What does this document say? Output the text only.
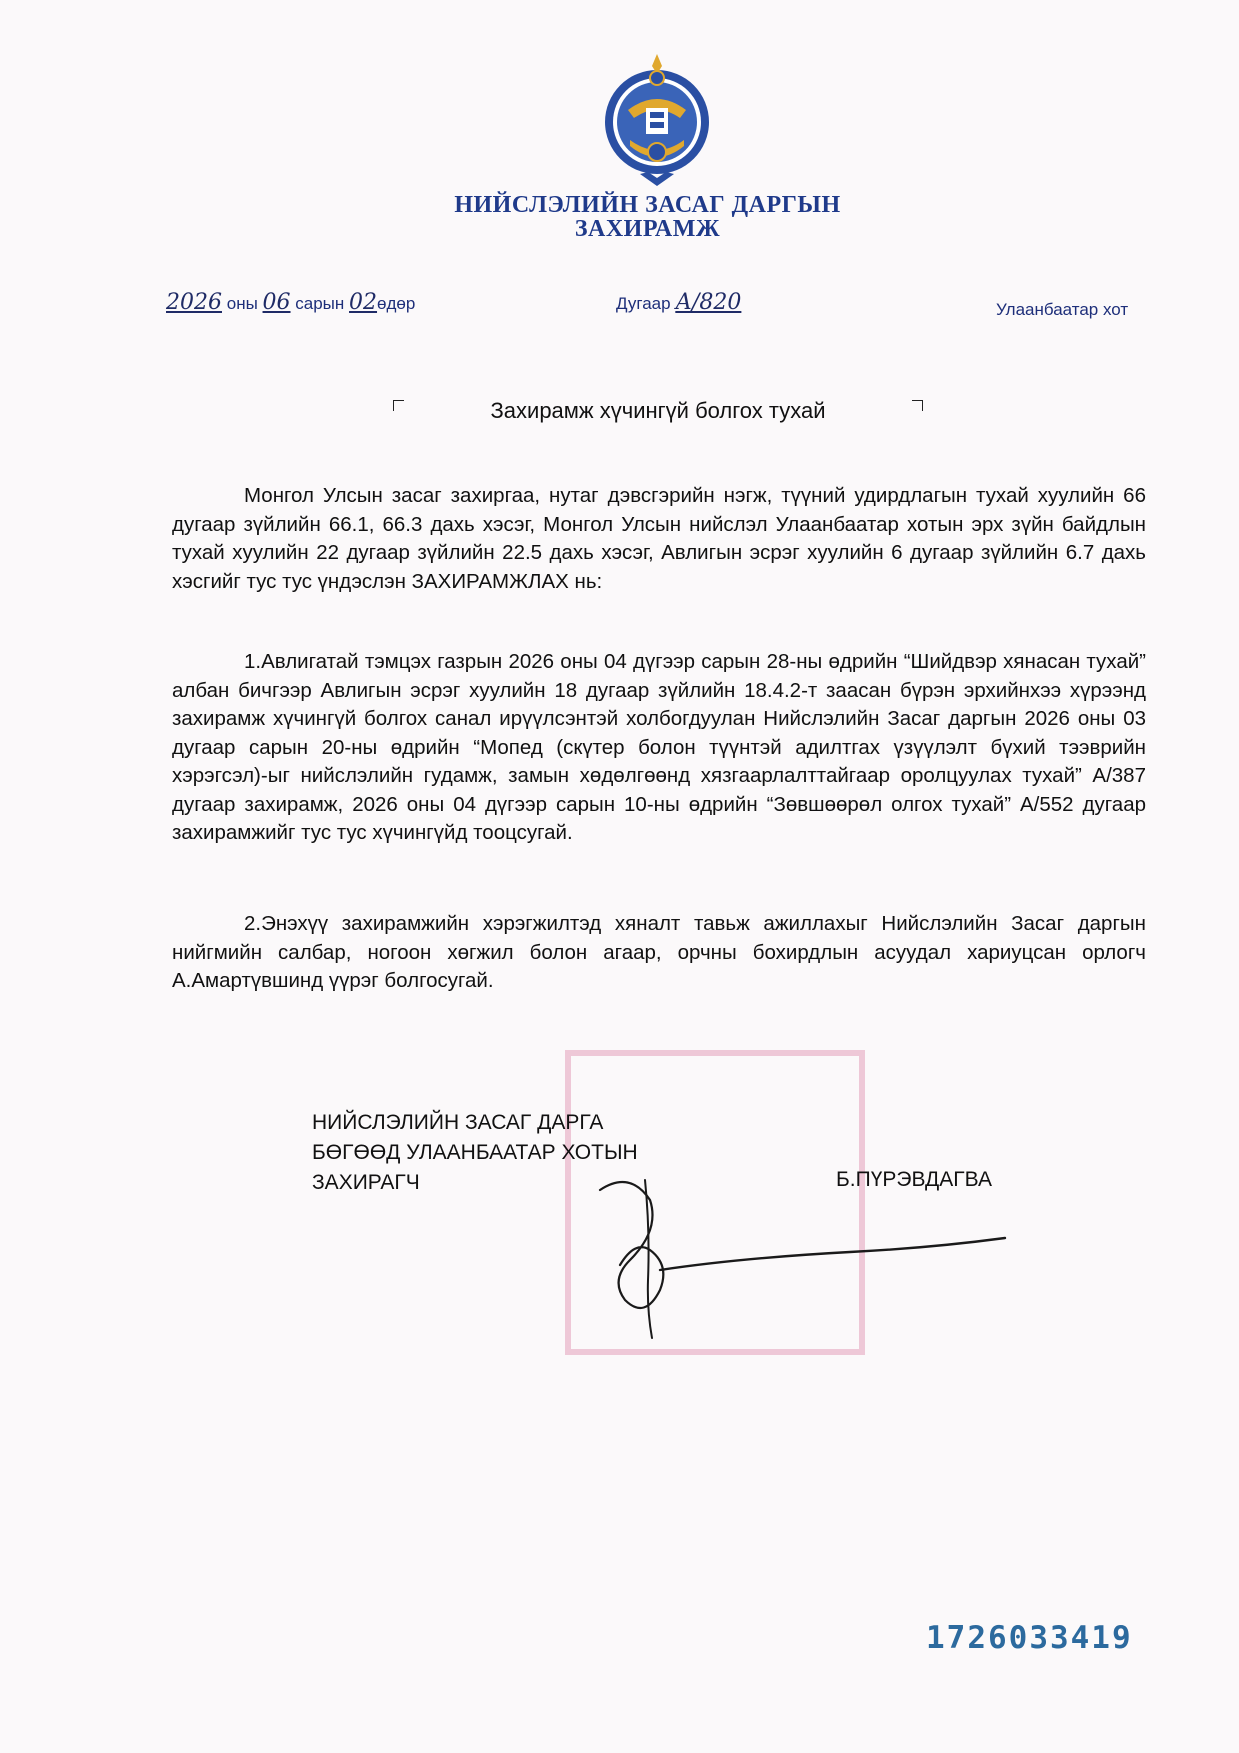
НИЙСЛЭЛИЙН ЗАСАГ ДАРГЫН
ЗАХИРАМЖ
2026 оны 06 сарын 02өдөр	Дугаар А/820	Улаанбаатар хот
Захирамж хүчингүй болгох тухай
Монгол Улсын засаг захиргаа, нутаг дэвсгэрийн нэгж, түүний удирдлагын тухай хуулийн 66 дугаар зүйлийн 66.1, 66.3 дахь хэсэг, Монгол Улсын нийслэл Улаанбаатар хотын эрх зүйн байдлын тухай хуулийн 22 дугаар зүйлийн 22.5 дахь хэсэг, Авлигын эсрэг хуулийн 6 дугаар зүйлийн 6.7 дахь хэсгийг тус тус үндэслэн ЗАХИРАМЖЛАХ нь:
1.Авлигатай тэмцэх газрын 2026 оны 04 дүгээр сарын 28-ны өдрийн “Шийдвэр хянасан тухай” албан бичгээр Авлигын эсрэг хуулийн 18 дугаар зүйлийн 18.4.2-т заасан бүрэн эрхийнхээ хүрээнд захирамж хүчингүй болгох санал ирүүлсэнтэй холбогдуулан Нийслэлийн Засаг даргын 2026 оны 03 дугаар сарын 20-ны өдрийн “Мопед (скүтер болон түүнтэй адилтгах үзүүлэлт бүхий тээврийн хэрэгсэл)-ыг нийслэлийн гудамж, замын хөдөлгөөнд хязгаарлалттайгаар оролцуулах тухай” А/387 дугаар захирамж, 2026 оны 04 дүгээр сарын 10-ны өдрийн “Зөвшөөрөл олгох тухай” А/552 дугаар захирамжийг тус тус хүчингүйд тооцсугай.
2.Энэхүү захирамжийн хэрэгжилтэд хяналт тавьж ажиллахыг Нийслэлийн Засаг даргын нийгмийн салбар, ногоон хөгжил болон агаар, орчны бохирдлын асуудал хариуцсан орлогч А.Амартүвшинд үүрэг болгосугай.
НИЙСЛЭЛИЙН ЗАСАГ ДАРГА
БӨГӨӨД УЛААНБААТАР ХОТЫН
ЗАХИРАГЧ	Б.ПҮРЭВДАГВА
1726033419
